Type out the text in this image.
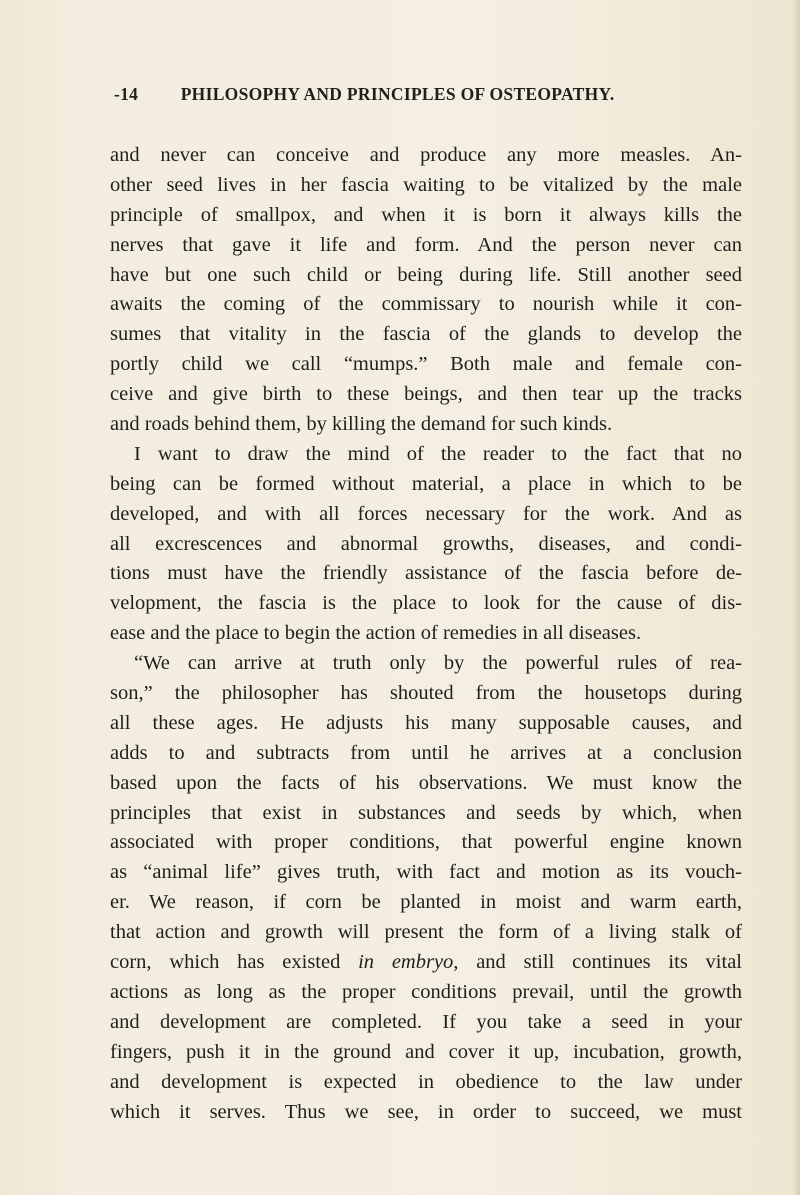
-14 PHILOSOPHY AND PRINCIPLES OF OSTEOPATHY.
and never can conceive and produce any more measles. An-
other seed lives in her fascia waiting to be vitalized by the male
principle of smallpox, and when it is born it always kills the
nerves that gave it life and form. And the person never can
have but one such child or being during life. Still another seed
awaits the coming of the commissary to nourish while it con-
sumes that vitality in the fascia of the glands to develop the
portly child we call “mumps.” Both male and female con-
ceive and give birth to these beings, and then tear up the tracks
and roads behind them, by killing the demand for such kinds.
I want to draw the mind of the reader to the fact that no
being can be formed without material, a place in which to be
developed, and with all forces necessary for the work. And as
all excrescences and abnormal growths, diseases, and condi-
tions must have the friendly assistance of the fascia before de-
velopment, the fascia is the place to look for the cause of dis-
ease and the place to begin the action of remedies in all diseases.
“We can arrive at truth only by the powerful rules of rea-
son,” the philosopher has shouted from the housetops during
all these ages. He adjusts his many supposable causes, and
adds to and subtracts from until he arrives at a conclusion
based upon the facts of his observations. We must know the
principles that exist in substances and seeds by which, when
associated with proper conditions, that powerful engine known
as “animal life” gives truth, with fact and motion as its vouch-
er. We reason, if corn be planted in moist and warm earth,
that action and growth will present the form of a living stalk of
corn, which has existed in embryo, and still continues its vital
actions as long as the proper conditions prevail, until the growth
and development are completed. If you take a seed in your
fingers, push it in the ground and cover it up, incubation, growth,
and development is expected in obedience to the law under
which it serves. Thus we see, in order to succeed, we must
